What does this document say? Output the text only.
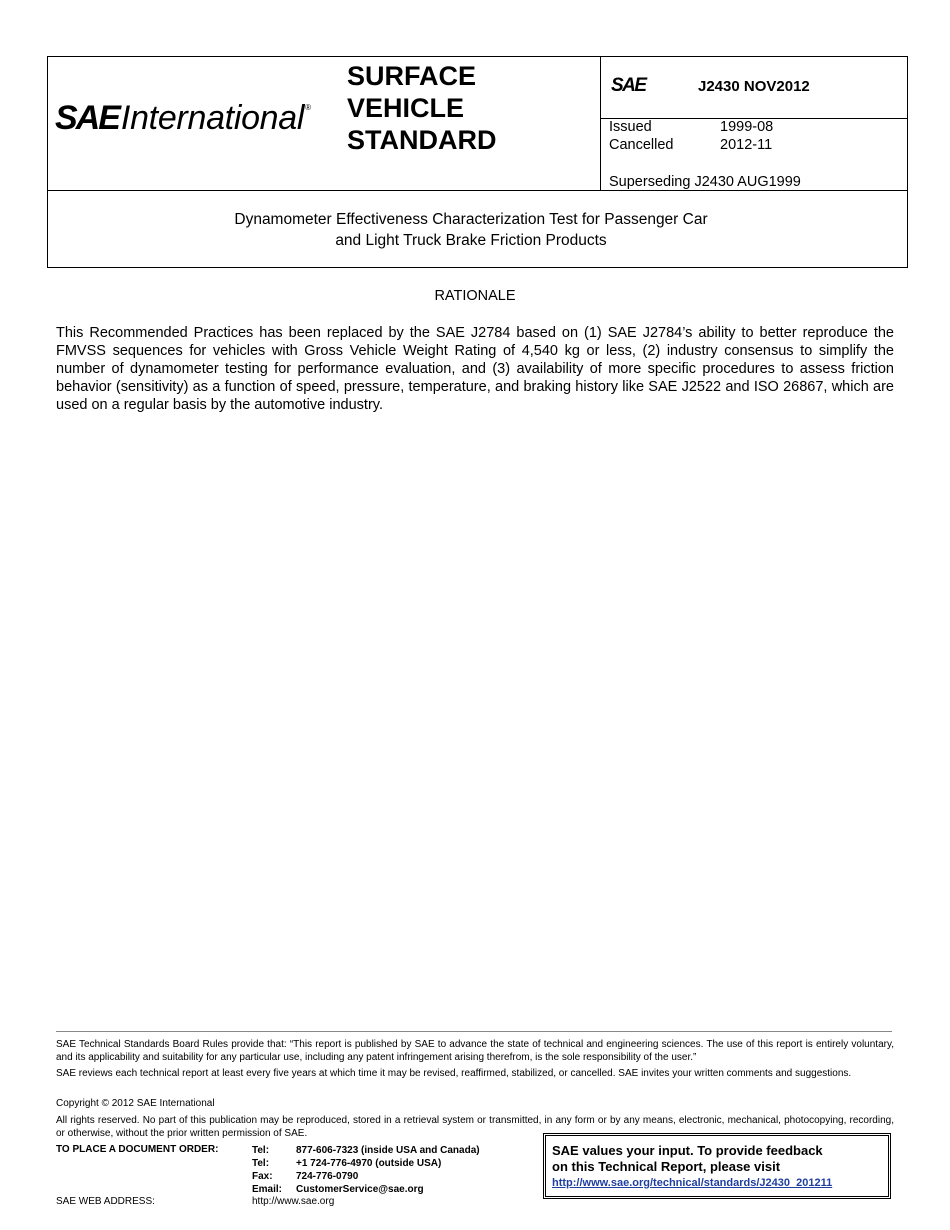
SAE International ®
SURFACE
VEHICLE
STANDARD
SAE	J2430 NOV2012
Issued	1999-08
Cancelled	2012-11
Superseding J2430 AUG1999
Dynamometer Effectiveness Characterization Test for Passenger Car
and Light Truck Brake Friction Products
RATIONALE
This Recommended Practices has been replaced by the SAE J2784 based on (1) SAE J2784’s ability to better reproduce the FMVSS sequences for vehicles with Gross Vehicle Weight Rating of 4,540 kg or less, (2) industry consensus to simplify the number of dynamometer testing for performance evaluation, and (3) availability of more specific procedures to assess friction behavior (sensitivity) as a function of speed, pressure, temperature, and braking history like SAE J2522 and ISO 26867, which are used on a regular basis by the automotive industry.
SAE Technical Standards Board Rules provide that: “This report is published by SAE to advance the state of technical and engineering sciences. The use of this report is entirely voluntary, and its applicability and suitability for any particular use, including any patent infringement arising therefrom, is the sole responsibility of the user.”
SAE reviews each technical report at least every five years at which time it may be revised, reaffirmed, stabilized, or cancelled. SAE invites your written comments and suggestions.
Copyright © 2012 SAE International
All rights reserved. No part of this publication may be reproduced, stored in a retrieval system or transmitted, in any form or by any means, electronic, mechanical, photocopying, recording, or otherwise, without the prior written permission of SAE.
TO PLACE A DOCUMENT ORDER:	Tel:	877-606-7323 (inside USA and Canada)
Tel:	+1 724-776-4970 (outside USA)
Fax:	724-776-0790
Email:	CustomerService@sae.org
SAE WEB ADDRESS:	http://www.sae.org
SAE values your input. To provide feedback
on this Technical Report, please visit
http://www.sae.org/technical/standards/J2430_201211
